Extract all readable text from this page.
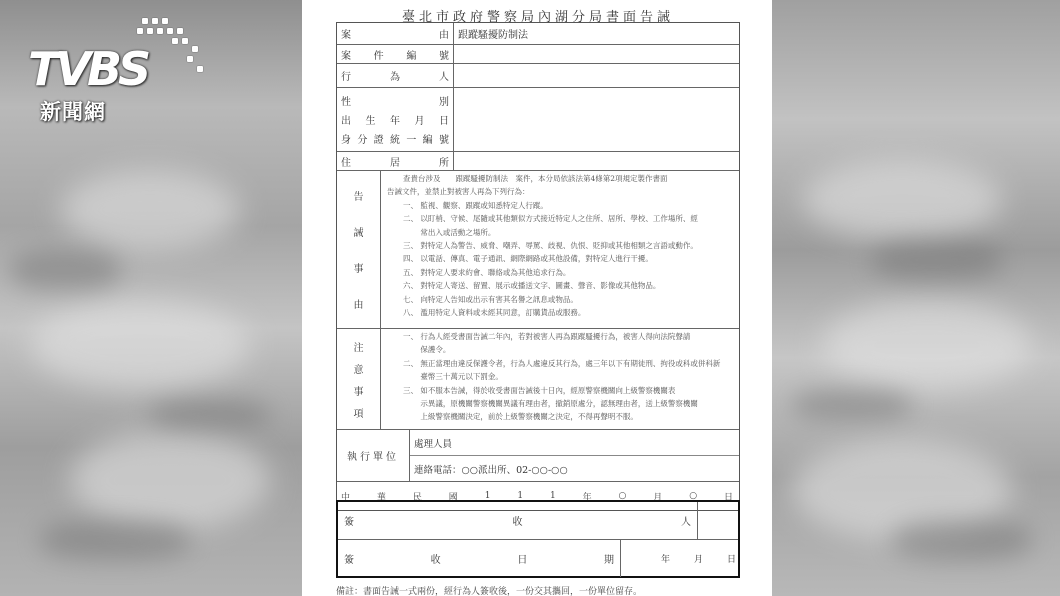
TVBS
新聞網
臺北市政府警察局內湖分局書面告誡
案	由 跟蹤騷擾防制法
案 件 編 號
行	為	人
性	別
出 生 年 月 日
身 分 證 統 一 編 號
住	居	所
告
誡
事
由
查貴台涉及　　跟蹤騷擾防制法　案件，本分局依該法第4條第2項規定製作書面
告誡文件，並禁止對被害人再為下列行為：
一、 監視、觀察、跟蹤或知悉特定人行蹤。
二、 以盯梢、守候、尾隨或其他類似方式接近特定人之住所、居所、學校、工作場所、經
　　 常出入或活動之場所。
三、 對特定人為警告、威脅、嘲弄、辱罵、歧視、仇恨、貶抑或其他相類之言語或動作。
四、 以電話、傳真、電子通訊、網際網路或其他設備，對特定人進行干擾。
五、 對特定人要求約會、聯絡或為其他追求行為。
六、 對特定人寄送、留置、展示或播送文字、圖畫、聲音、影像或其他物品。
七、 向特定人告知或出示有害其名譽之訊息或物品。
八、 濫用特定人資料或未經其同意，訂購貨品或服務。
注
意
事
項
一、 行為人經受書面告誡二年內，若對被害人再為跟蹤騷擾行為，被害人得向法院聲請
　　 保護令。
二、 無正當理由違反保護令者，行為人處違反其行為，處三年以下有期徒刑、拘役或科或併科新
　　 臺幣三十萬元以下罰金。
三、 如不服本告誡，得於收受書面告誡後十日內，經原警察機關向上級警察機關表
　　 示異議，原機關警察機關異議有理由者，撤銷原處分，認無理由者，送上級警察機關
　　 上級警察機關決定，前於上級警察機關之決定，不得再聲明不服。
執行單位
處理人員
連絡電話：○○派出所、02-○○-○○
中	華	民	國	1	1	1	年	○	月	○	日
簽	收	人
簽	收	日	期	年　　月　　日
備註：書面告誡一式兩份，經行為人簽收後，一份交其攜回，一份單位留存。
